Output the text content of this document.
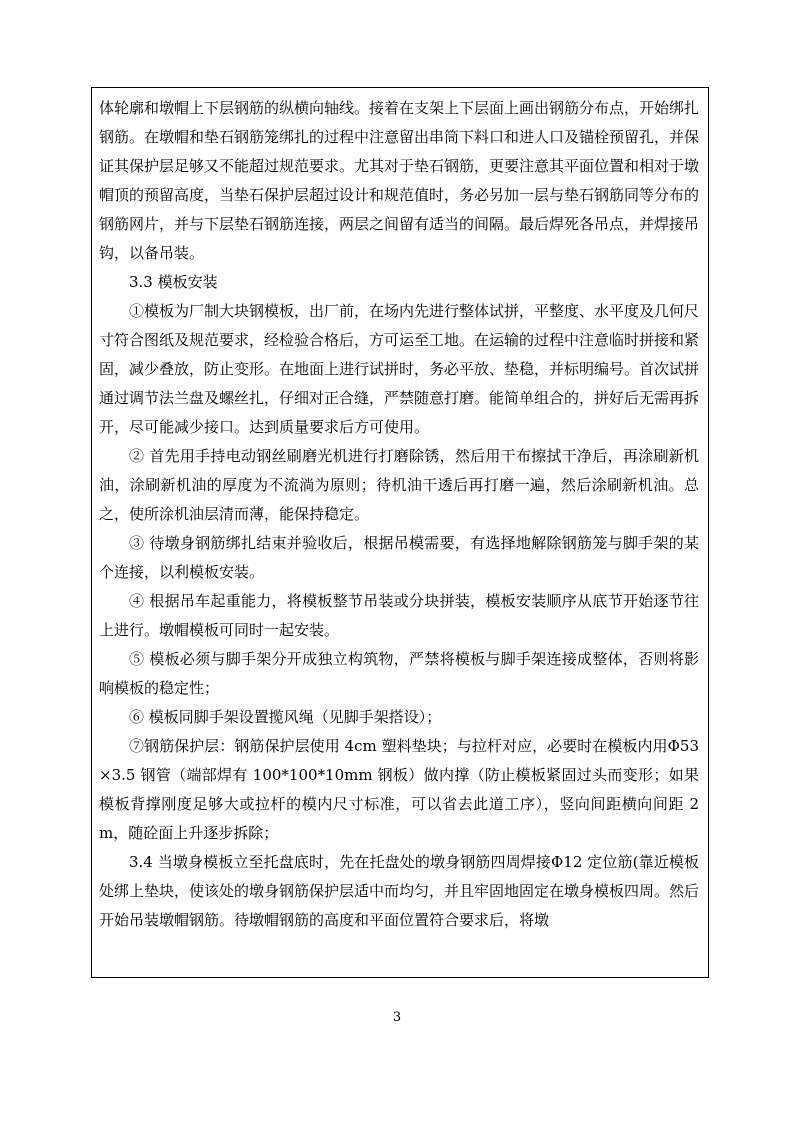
体轮廓和墩帽上下层钢筋的纵横向轴线。接着在支架上下层面上画出钢筋分布点，开始绑扎钢筋。在墩帽和垫石钢筋笼绑扎的过程中注意留出串筒下料口和进人口及锚栓预留孔，并保证其保护层足够又不能超过规范要求。尤其对于垫石钢筋，更要注意其平面位置和相对于墩帽顶的预留高度，当垫石保护层超过设计和规范值时，务必另加一层与垫石钢筋同等分布的钢筋网片，并与下层垫石钢筋连接，两层之间留有适当的间隔。最后焊死各吊点，并焊接吊钩，以备吊装。

3.3 模板安装

①模板为厂制大块钢模板，出厂前，在场内先进行整体试拼，平整度、水平度及几何尺寸符合图纸及规范要求，经检验合格后，方可运至工地。在运输的过程中注意临时拼接和紧固，减少叠放，防止变形。在地面上进行试拼时，务必平放、垫稳，并标明编号。首次试拼通过调节法兰盘及螺丝扎，仔细对正合缝，严禁随意打磨。能简单组合的，拼好后无需再拆开，尽可能减少接口。达到质量要求后方可使用。

② 首先用手持电动钢丝刷磨光机进行打磨除锈，然后用干布擦拭干净后，再涂刷新机油，涂刷新机油的厚度为不流淌为原则；待机油干透后再打磨一遍，然后涂刷新机油。总之，使所涂机油层清而薄，能保持稳定。

③ 待墩身钢筋绑扎结束并验收后，根据吊模需要，有选择地解除钢筋笼与脚手架的某个连接，以利模板安装。

④ 根据吊车起重能力，将模板整节吊装或分块拼装，模板安装顺序从底节开始逐节往上进行。墩帽模板可同时一起安装。

⑤ 模板必须与脚手架分开成独立构筑物，严禁将模板与脚手架连接成整体，否则将影响模板的稳定性；

⑥ 模板同脚手架设置揽风绳（见脚手架搭设）；

⑦钢筋保护层：钢筋保护层使用 4cm 塑料垫块；与拉杆对应，必要时在模板内用Φ53×3.5 钢管（端部焊有 100*100*10mm 钢板）做内撑（防止模板紧固过头而变形；如果模板背撑刚度足够大或拉杆的模内尺寸标准，可以省去此道工序），竖向间距横向间距 2m，随砼面上升逐步拆除；

3.4 当墩身模板立至托盘底时，先在托盘处的墩身钢筋四周焊接Φ12 定位筋(靠近模板处绑上垫块，使该处的墩身钢筋保护层适中而均匀，并且牢固地固定在墩身模板四周。然后开始吊装墩帽钢筋。待墩帽钢筋的高度和平面位置符合要求后，将墩

3
